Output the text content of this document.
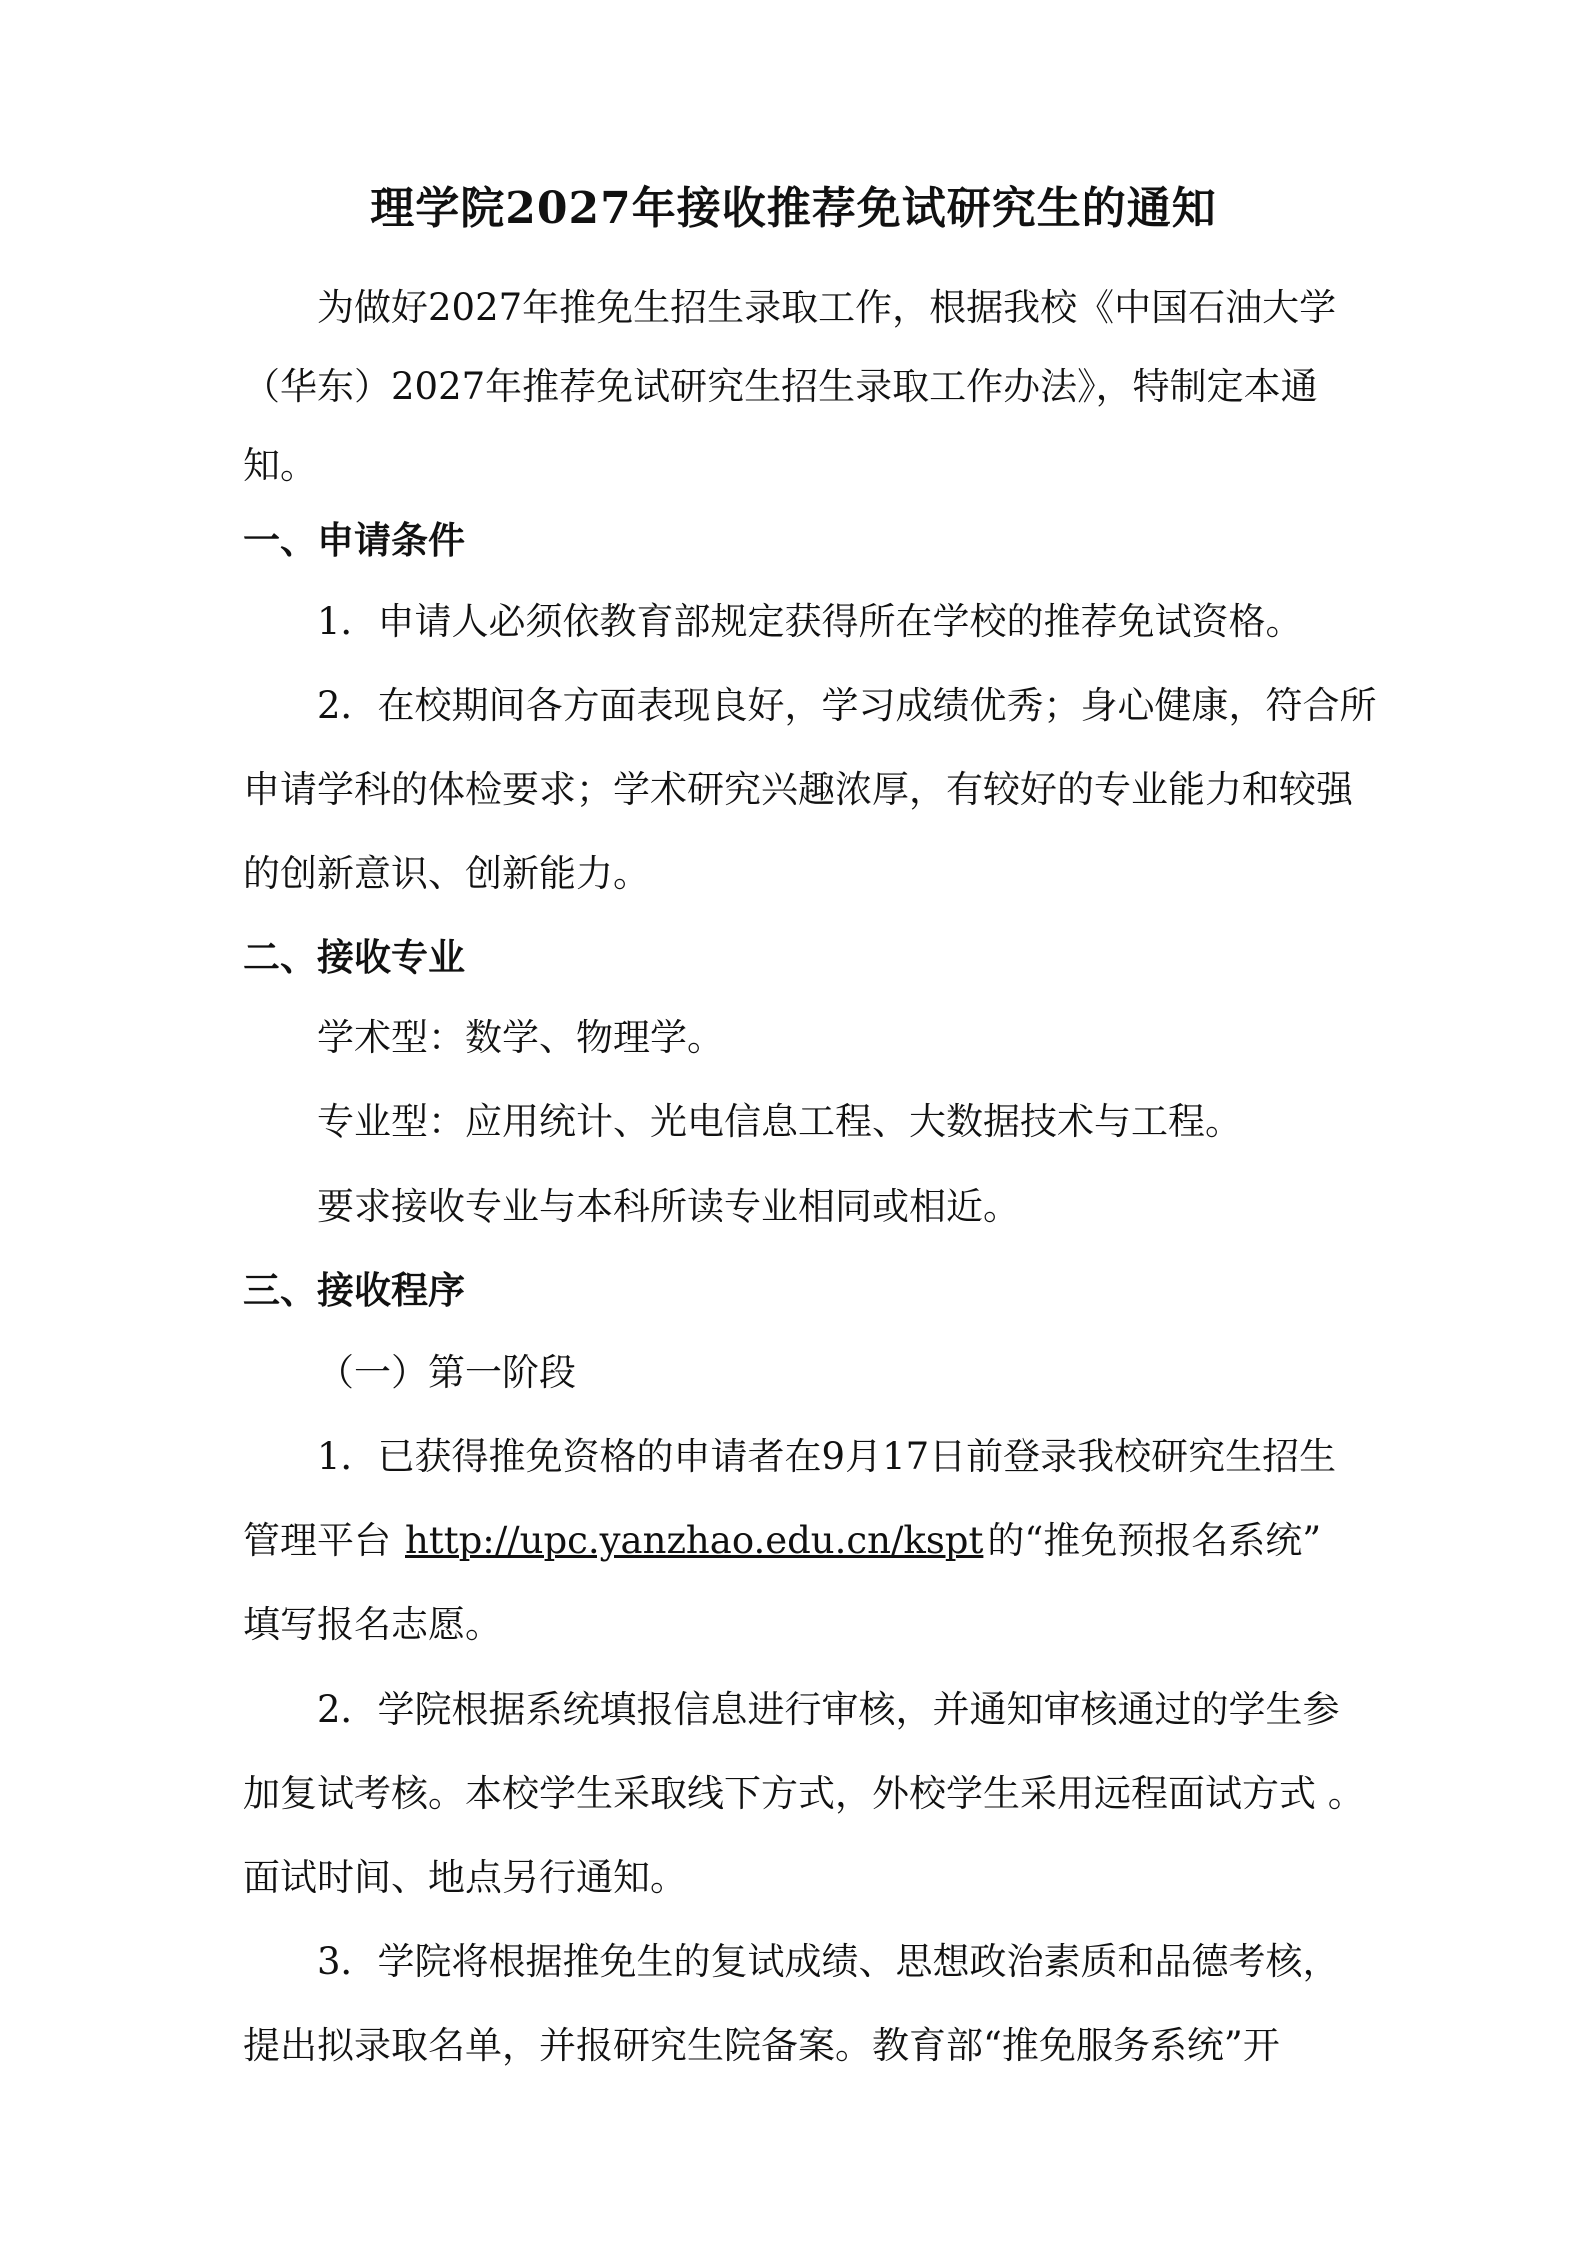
理学院2027年接收推荐免试研究生的通知
为做好2027年推免生招生录取工作，根据我校《中国石油大学
（华东）2027年推荐免试研究生招生录取工作办法》，特制定本通
知。
一、申请条件
1．申请人必须依教育部规定获得所在学校的推荐免试资格。
2．在校期间各方面表现良好，学习成绩优秀；身心健康，符合所
申请学科的体检要求；学术研究兴趣浓厚，有较好的专业能力和较强
的创新意识、创新能力。
二、接收专业
学术型：数学、物理学。
专业型：应用统计、光电信息工程、大数据技术与工程。
要求接收专业与本科所读专业相同或相近。
三、接收程序
（一）第一阶段
1．已获得推免资格的申请者在9月17日前登录我校研究生招生
管理平台 http://upc.yanzhao.edu.cn/kspt 的“推免预报名系统”
填写报名志愿。
2．学院根据系统填报信息进行审核，并通知审核通过的学生参
加复试考核。本校学生采取线下方式，外校学生采用远程面试方式 。
面试时间、地点另行通知。
3．学院将根据推免生的复试成绩、思想政治素质和品德考核，
提出拟录取名单，并报研究生院备案。教育部“推免服务系统”开
